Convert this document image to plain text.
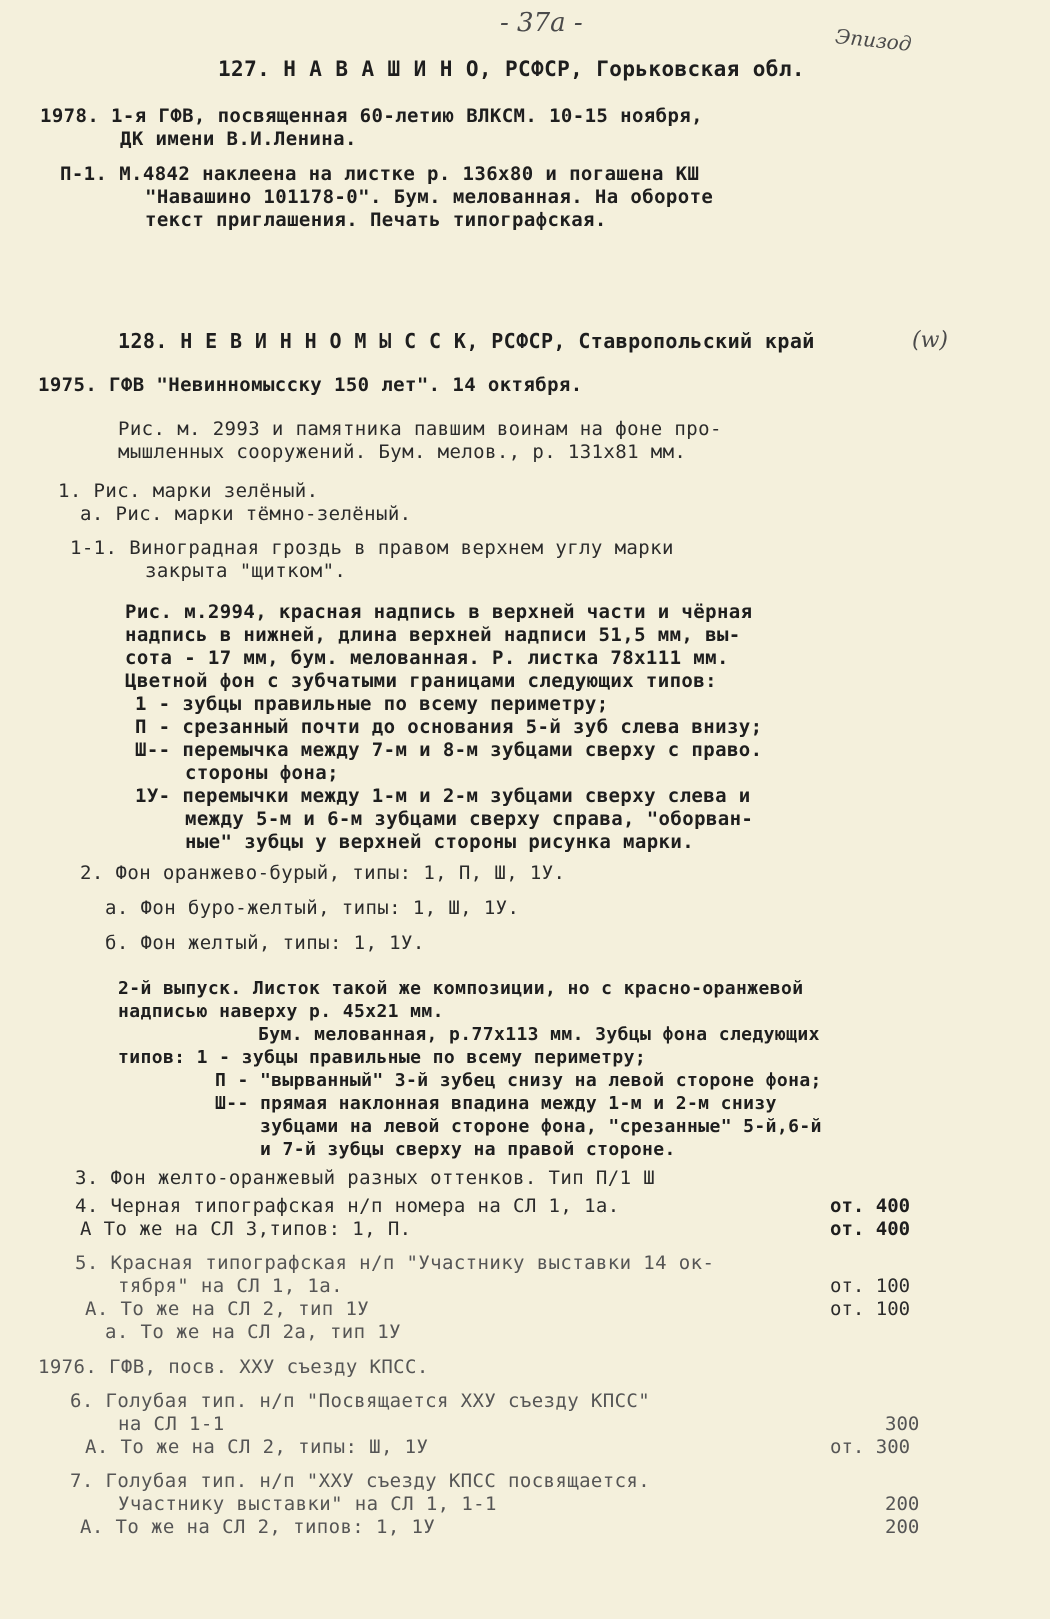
- 37а -
Эпизод
127. Н А В А Ш И Н О, РСФСР, Горьковская обл.
1978. 1-я ГФВ, посвященная 60-летию ВЛКСМ. 10-15 ноября,
ДК имени В.И.Ленина.
П-1. М.4842 наклеена на листке р. 136х80 и погашена КШ
"Навашино 101178-0". Бум. мелованная. На обороте
текст приглашения. Печать типографская.
128. Н Е В И Н Н О М Ы С С К, РСФСР, Ставропольский край	(w)
1975. ГФВ "Невинномысску 150 лет". 14 октября.
Рис. м. 2993 и памятника павшим воинам на фоне про-
мышленных сооружений. Бум. мелов., р. 131х81 мм.
1. Рис. марки зелёный.
а. Рис. марки тёмно-зелёный.
1-1. Виноградная гроздь в правом верхнем углу марки
закрыта "щитком".
Рис. м.2994, красная надпись в верхней части и чёрная
надпись в нижней, длина верхней надписи 51,5 мм, вы-
сота - 17 мм, бум. мелованная. Р. листка 78х111 мм.
Цветной фон с зубчатыми границами следующих типов:
1 - зубцы правильные по всему периметру;
П - срезанный почти до основания 5-й зуб слева внизу;
Ш-- перемычка между 7-м и 8-м зубцами сверху с право.
стороны фона;
1У- перемычки между 1-м и 2-м зубцами сверху слева и
между 5-м и 6-м зубцами сверху справа, "оборван-
ные" зубцы у верхней стороны рисунка марки.
2. Фон оранжево-бурый, типы: 1, П, Ш, 1У.
а. Фон буро-желтый, типы: 1, Ш, 1У.
б. Фон желтый, типы: 1, 1У.
2-й выпуск. Листок такой же композиции, но с красно-оранжевой
надписью наверху р. 45х21 мм.
Бум. мелованная, р.77х113 мм. Зубцы фона следующих
типов: 1 - зубцы правильные по всему периметру;
П - "вырванный" 3-й зубец снизу на левой стороне фона;
Ш-- прямая наклонная впадина между 1-м и 2-м снизу
зубцами на левой стороне фона, "срезанные" 5-й,6-й
и 7-й зубцы сверху на правой стороне.
3. Фон желто-оранжевый разных оттенков. Тип П/1 Ш
4. Черная типографская н/п номера на СЛ 1, 1а.	от. 400
А То же на СЛ 3,типов: 1, П.	от. 400
5. Красная типографская н/п "Участнику выставки 14 ок-
тября" на СЛ 1, 1а.	от. 100
А. То же на СЛ 2, тип 1У	от. 100
а. То же на СЛ 2а, тип 1У
1976. ГФВ, посв. XXУ съезду КПСС.
6. Голубая тип. н/п "Посвящается XXУ съезду КПСС"
на СЛ 1-1	300
А. То же на СЛ 2, типы: Ш, 1У	от. 300
7. Голубая тип. н/п "XXУ съезду КПСС посвящается.
Участнику выставки" на СЛ 1, 1-1	200
А. То же на СЛ 2, типов: 1, 1У	200
